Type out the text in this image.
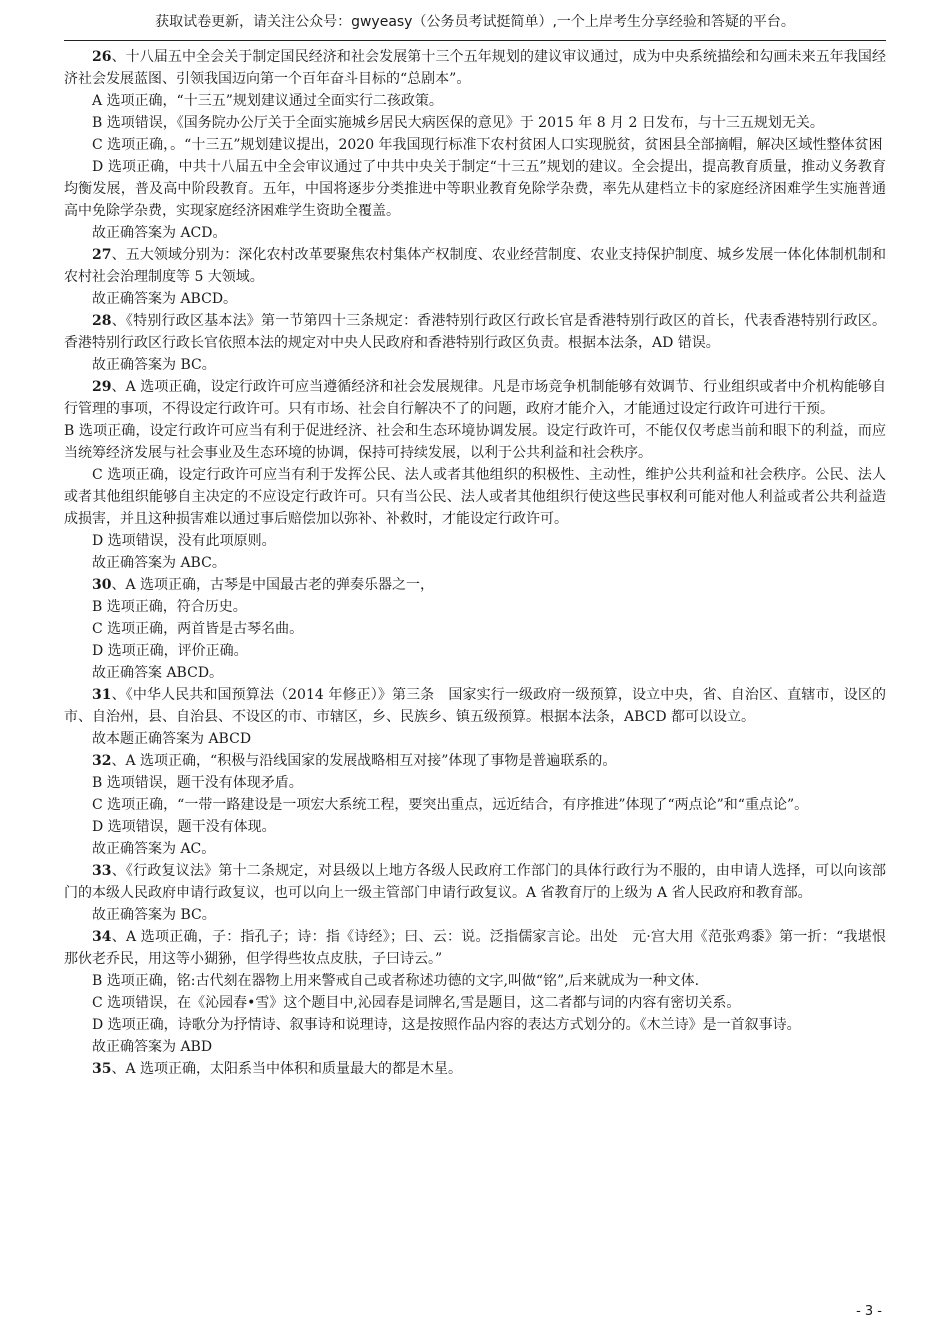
获取试卷更新，请关注公众号：gwyeasy（公务员考试挺简单）,一个上岸考生分享经验和答疑的平台。

26、十八届五中全会关于制定国民经济和社会发展第十三个五年规划的建议审议通过，成为中央系统描绘和勾画未来五年我国经济社会发展蓝图、引领我国迈向第一个百年奋斗目标的“总剧本”。

A 选项正确，“十三五”规划建议通过全面实行二孩政策。

B 选项错误，《国务院办公厅关于全面实施城乡居民大病医保的意见》于 2015 年 8 月 2 日发布，与十三五规划无关。

C 选项正确，。“十三五”规划建议提出，2020 年我国现行标准下农村贫困人口实现脱贫，贫困县全部摘帽，解决区域性整体贫困

D 选项正确，中共十八届五中全会审议通过了中共中央关于制定“十三五”规划的建议。全会提出，提高教育质量，推动义务教育均衡发展，普及高中阶段教育。五年，中国将逐步分类推进中等职业教育免除学杂费，率先从建档立卡的家庭经济困难学生实施普通高中免除学杂费，实现家庭经济困难学生资助全覆盖。

故正确答案为 ACD。

27、五大领域分别为：深化农村改革要聚焦农村集体产权制度、农业经营制度、农业支持保护制度、城乡发展一体化体制机制和农村社会治理制度等 5 大领域。

故正确答案为 ABCD。

28、《特别行政区基本法》第一节第四十三条规定：香港特别行政区行政长官是香港特别行政区的首长，代表香港特别行政区。香港特别行政区行政长官依照本法的规定对中央人民政府和香港特别行政区负责。根据本法条，AD 错误。

故正确答案为 BC。

29、A 选项正确，设定行政许可应当遵循经济和社会发展规律。凡是市场竞争机制能够有效调节、行业组织或者中介机构能够自行管理的事项，不得设定行政许可。只有市场、社会自行解决不了的问题，政府才能介入，才能通过设定行政许可进行干预。

B 选项正确，设定行政许可应当有利于促进经济、社会和生态环境协调发展。设定行政许可，不能仅仅考虑当前和眼下的利益，而应当统筹经济发展与社会事业及生态环境的协调，保持可持续发展，以利于公共利益和社会秩序。

C 选项正确，设定行政许可应当有利于发挥公民、法人或者其他组织的积极性、主动性，维护公共利益和社会秩序。公民、法人或者其他组织能够自主决定的不应设定行政许可。只有当公民、法人或者其他组织行使这些民事权利可能对他人利益或者公共利益造成损害，并且这种损害难以通过事后赔偿加以弥补、补救时，才能设定行政许可。

D 选项错误，没有此项原则。

故正确答案为 ABC。

30、A 选项正确，古琴是中国最古老的弹奏乐器之一，

B 选项正确，符合历史。

C 选项正确，两首皆是古琴名曲。

D 选项正确，评价正确。

故正确答案 ABCD。

31、《中华人民共和国预算法（2014 年修正）》第三条　国家实行一级政府一级预算，设立中央，省、自治区、直辖市，设区的市、自治州，县、自治县、不设区的市、市辖区，乡、民族乡、镇五级预算。根据本法条，ABCD 都可以设立。

故本题正确答案为 ABCD

32、A 选项正确，“积极与沿线国家的发展战略相互对接”体现了事物是普遍联系的。

B 选项错误，题干没有体现矛盾。

C 选项正确，“一带一路建设是一项宏大系统工程，要突出重点，远近结合，有序推进”体现了“两点论”和“重点论”。

D 选项错误，题干没有体现。

故正确答案为 AC。

33、《行政复议法》第十二条规定，对县级以上地方各级人民政府工作部门的具体行政行为不服的，由申请人选择，可以向该部门的本级人民政府申请行政复议，也可以向上一级主管部门申请行政复议。A 省教育厅的上级为 A 省人民政府和教育部。

故正确答案为 BC。

34、A 选项正确，子：指孔子；诗：指《诗经》；曰、云：说。泛指儒家言论。出处　元·宫大用《范张鸡黍》第一折：“我堪恨那伙老乔民，用这等小猢狲，但学得些妆点皮肤，子曰诗云。”

B 选项正确，铭:古代刻在器物上用来警戒自己或者称述功德的文字,叫做“铭”,后来就成为一种文体.

C 选项错误，在《沁园春•雪》这个题目中,沁园春是词牌名,雪是题目，这二者都与词的内容有密切关系。

D 选项正确，诗歌分为抒情诗、叙事诗和说理诗，这是按照作品内容的表达方式划分的。《木兰诗》是一首叙事诗。

故正确答案为 ABD

35、A 选项正确，太阳系当中体积和质量最大的都是木星。

- 3 -
